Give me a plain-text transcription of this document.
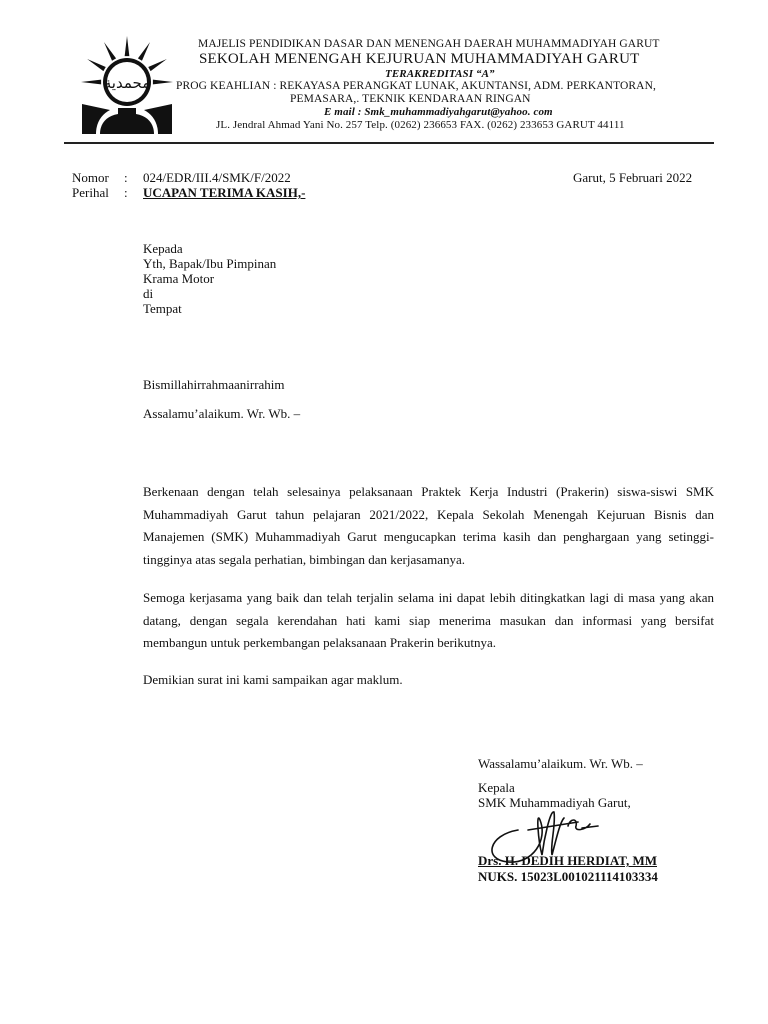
محمدية
MAJELIS PENDIDIKAN DASAR DAN MENENGAH DAERAH MUHAMMADIYAH GARUT
SEKOLAH MENENGAH KEJURUAN MUHAMMADIYAH GARUT
TERAKREDITASI “A”
PROG KEAHLIAN : REKAYASA PERANGKAT LUNAK, AKUNTANSI, ADM. PERKANTORAN,
PEMASARA,. TEKNIK KENDARAAN RINGAN
E mail : Smk_muhammadiyahgarut@yahoo. com
JL. Jendral Ahmad Yani No. 257 Telp. (0262) 236653 FAX. (0262) 233653 GARUT 44111
Nomor : 024/EDR/III.4/SMK/F/2022	Garut, 5 Februari 2022
Perihal : UCAPAN TERIMA KASIH,-
Kepada
Yth, Bapak/Ibu Pimpinan
Krama Motor
di
Tempat
Bismillahirrahmaanirrahim
Assalamu’alaikum. Wr. Wb. –
Berkenaan dengan telah selesainya pelaksanaan Praktek Kerja Industri (Prakerin) siswa-siswi SMK Muhammadiyah Garut tahun pelajaran 2021/2022, Kepala Sekolah Menengah Kejuruan Bisnis dan Manajemen (SMK) Muhammadiyah Garut mengucapkan terima kasih dan penghargaan yang setinggi-tingginya atas segala perhatian, bimbingan dan kerjasamanya.
Semoga kerjasama yang baik dan telah terjalin selama ini dapat lebih ditingkatkan lagi di masa yang akan datang, dengan segala kerendahan hati kami siap menerima masukan dan informasi yang bersifat membangun untuk perkembangan pelaksanaan Prakerin berikutnya.
Demikian surat ini kami sampaikan agar maklum.
Wassalamu’alaikum. Wr. Wb. –
Kepala
SMK Muhammadiyah Garut,
Drs. H. DEDIH HERDIAT, MM
NUKS. 15023L001021114103334
